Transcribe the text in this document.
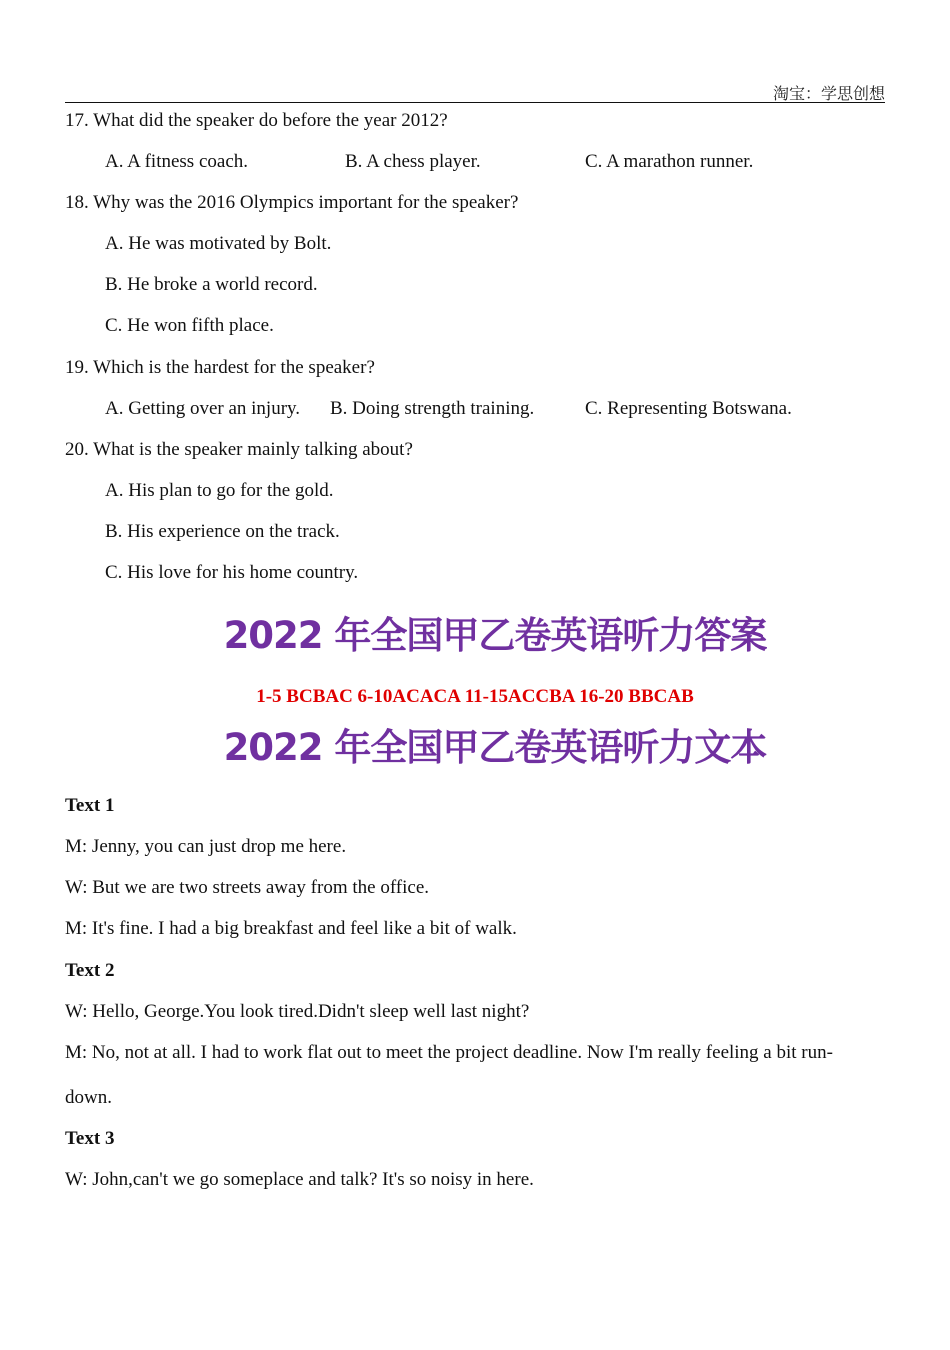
淘宝：学思创想
17. What did the speaker do before the year 2012?
A. A fitness coach.	B. A chess player.	C. A marathon runner.
18. Why was the 2016 Olympics important for the speaker?
A. He was motivated by Bolt.
B. He broke a world record.
C. He won fifth place.
19. Which is the hardest for the speaker?
A. Getting over an injury. B. Doing strength training.	C. Representing Botswana.
20. What is the speaker mainly talking about?
A. His plan to go for the gold.
B. His experience on the track.
C. His love for his home country.
2022 年全国甲乙卷英语听力答案
1-5 BCBAC 6-10ACACA 11-15ACCBA 16-20 BBCAB
2022 年全国甲乙卷英语听力文本
Text 1
M: Jenny, you can just drop me here.
W: But we are two streets away from the office.
M: It's fine. I had a big breakfast and feel like a bit of walk.
Text 2
W: Hello, George.You look tired.Didn't sleep well last night?
M: No, not at all. I had to work flat out to meet the project deadline. Now I'm really feeling a bit run-
down.
Text 3
W: John,can't we go someplace and talk? It's so noisy in here.
